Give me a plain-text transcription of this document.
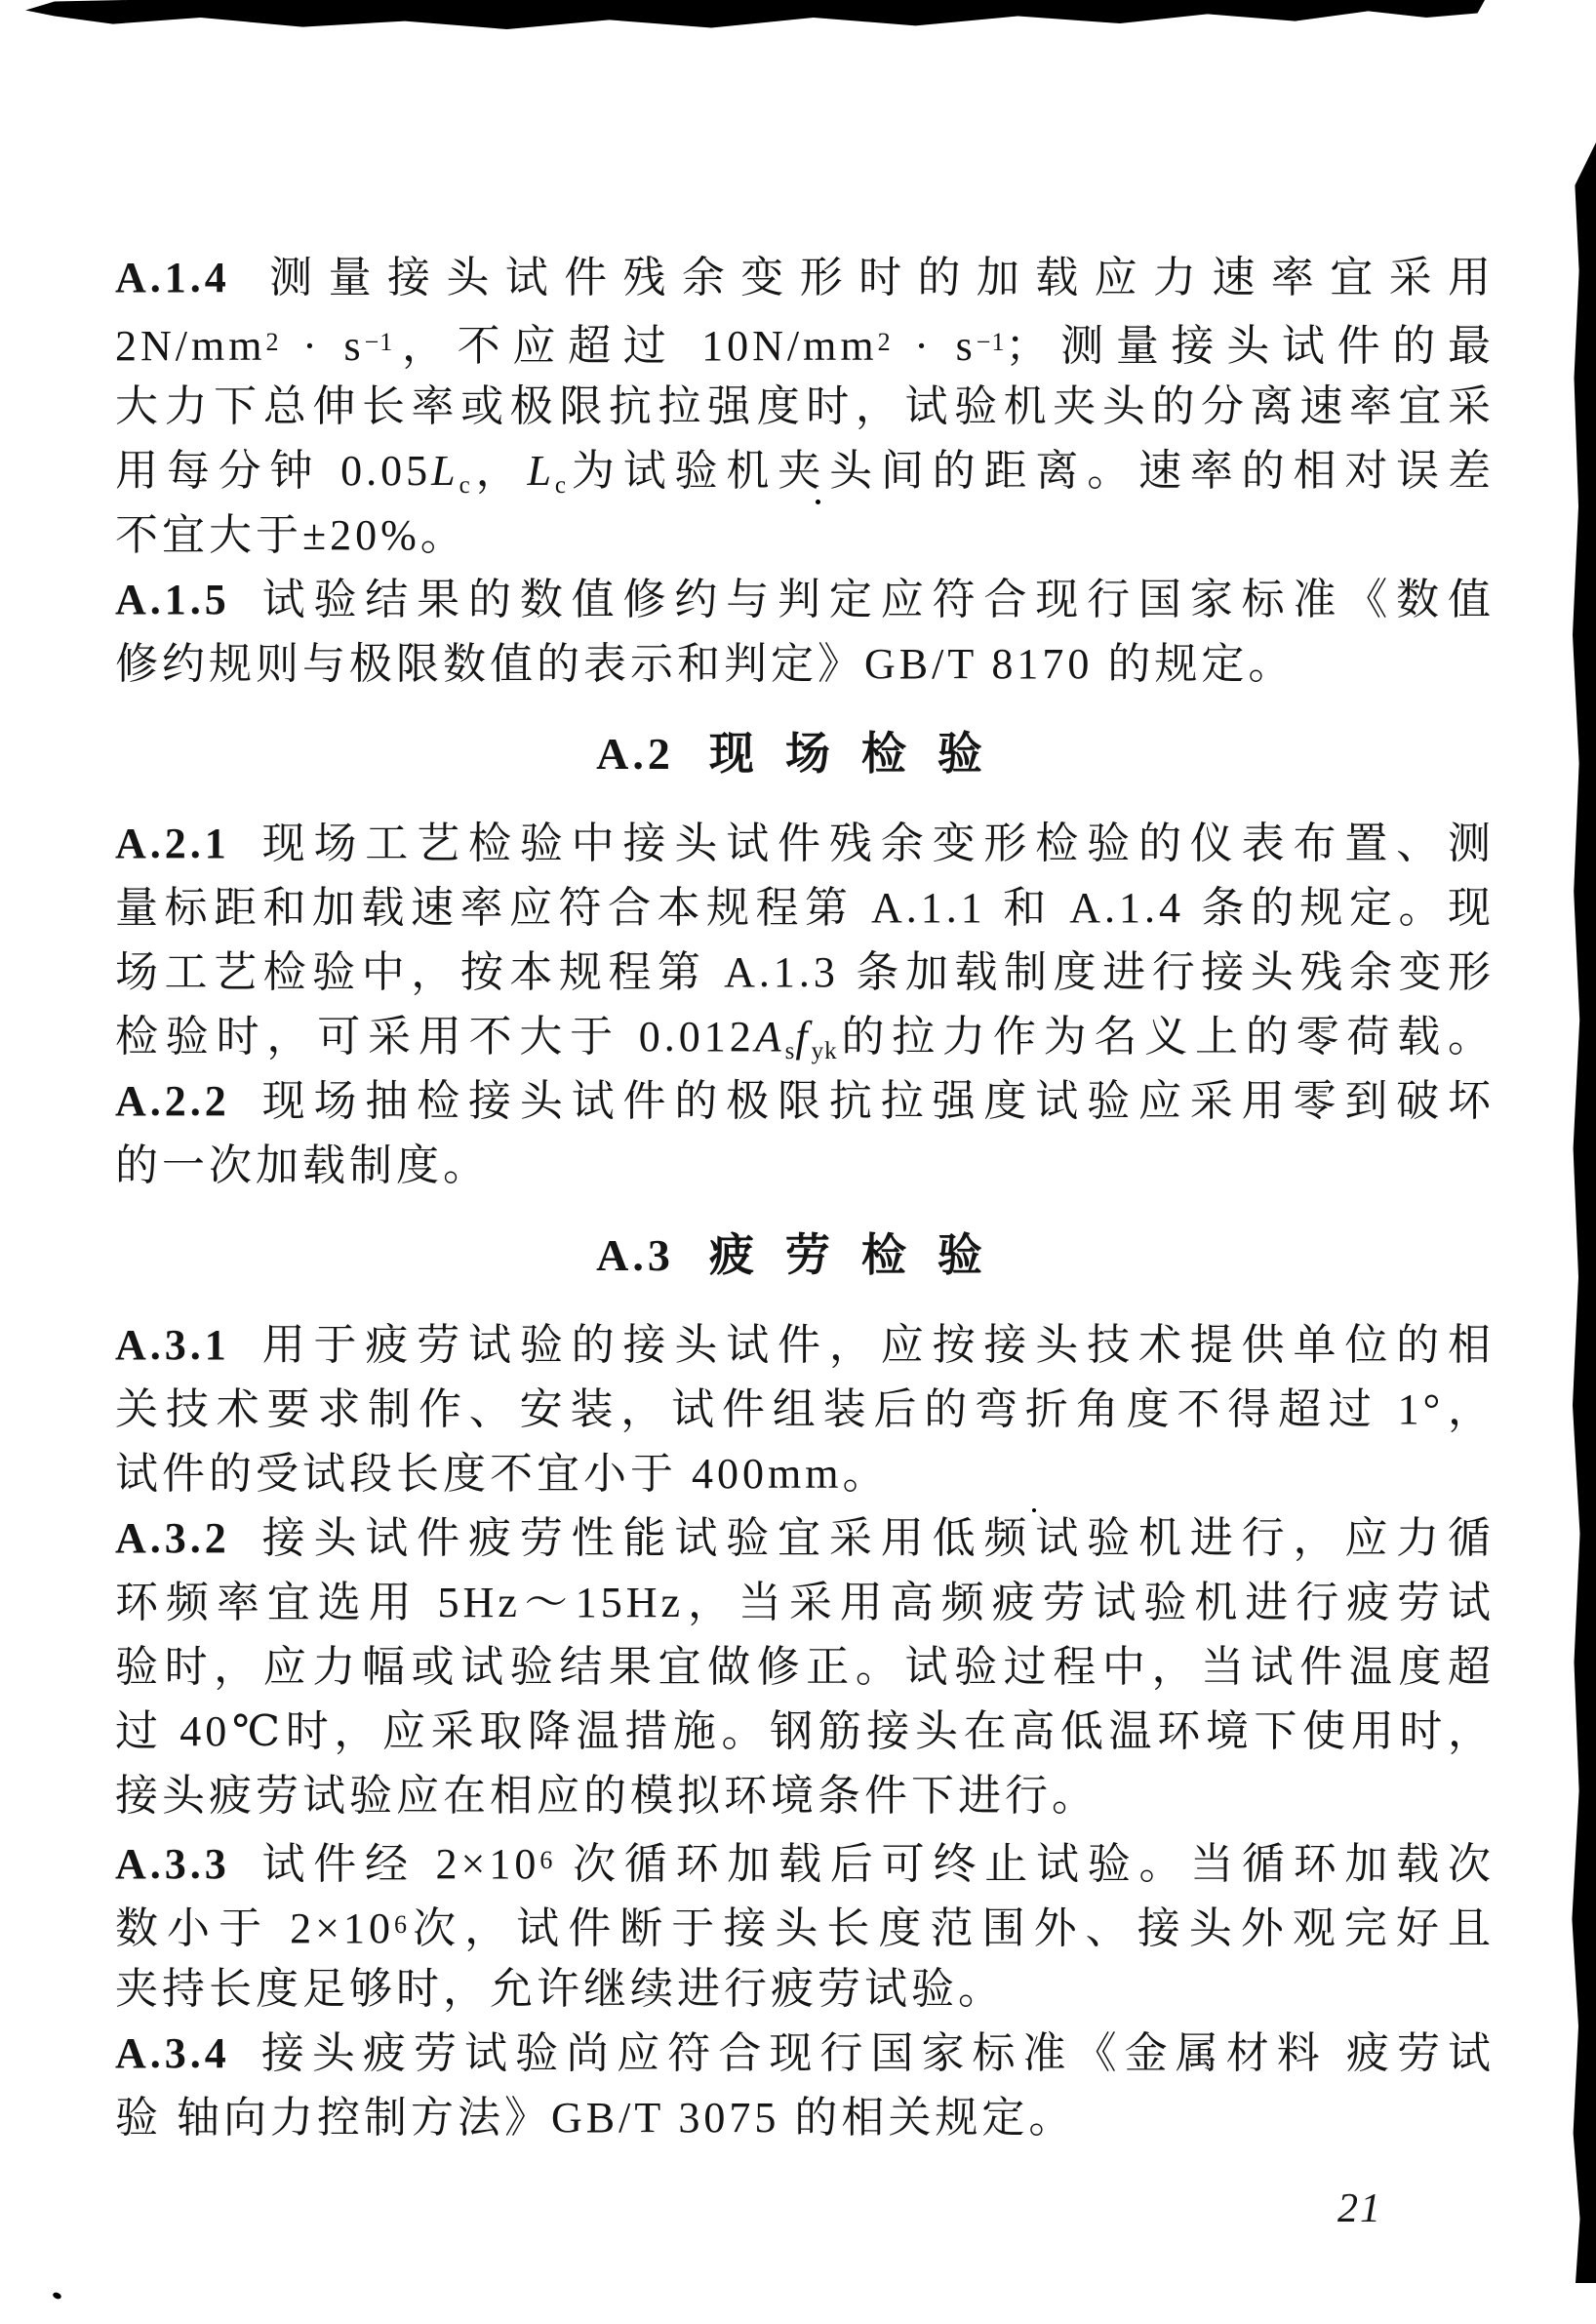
A.1.4 测量接头试件残余变形时的加载应力速率宜采用
$2N/mm^2 \cdot s^{-1}$，不应超过 $10N/mm^2 \cdot s^{-1}$；测量接头试件的最
大力下总伸长率或极限抗拉强度时，试验机夹头的分离速率宜采
用每分钟 0.05Lc，Lc为试验机夹头间的距离。速率的相对误差
不宜大于±20%。
A.1.5 试验结果的数值修约与判定应符合现行国家标准《数值
修约规则与极限数值的表示和判定》GB/T 8170 的规定。
A.2 现场检验
A.2.1 现场工艺检验中接头试件残余变形检验的仪表布置、测
量标距和加载速率应符合本规程第 A.1.1 和 A.1.4 条的规定。现
场工艺检验中，按本规程第 A.1.3 条加载制度进行接头残余变形
检验时，可采用不大于 0.012Asfyk的拉力作为名义上的零荷载。
A.2.2 现场抽检接头试件的极限抗拉强度试验应采用零到破坏
的一次加载制度。
A.3 疲劳检验
A.3.1 用于疲劳试验的接头试件，应按接头技术提供单位的相
关技术要求制作、安装，试件组装后的弯折角度不得超过 1°，
试件的受试段长度不宜小于 400mm。
A.3.2 接头试件疲劳性能试验宜采用低频试验机进行，应力循
环频率宜选用 5Hz～15Hz，当采用高频疲劳试验机进行疲劳试
验时，应力幅或试验结果宜做修正。试验过程中，当试件温度超
过 40℃时，应采取降温措施。钢筋接头在高低温环境下使用时，
接头疲劳试验应在相应的模拟环境条件下进行。
A.3.3 试件经 $2\times 10^6$ 次循环加载后可终止试验。当循环加载次
数小于 $2\times 10^6$次，试件断于接头长度范围外、接头外观完好且
夹持长度足够时，允许继续进行疲劳试验。
A.3.4 接头疲劳试验尚应符合现行国家标准《金属材料 疲劳试
验 轴向力控制方法》GB/T 3075 的相关规定。
21
